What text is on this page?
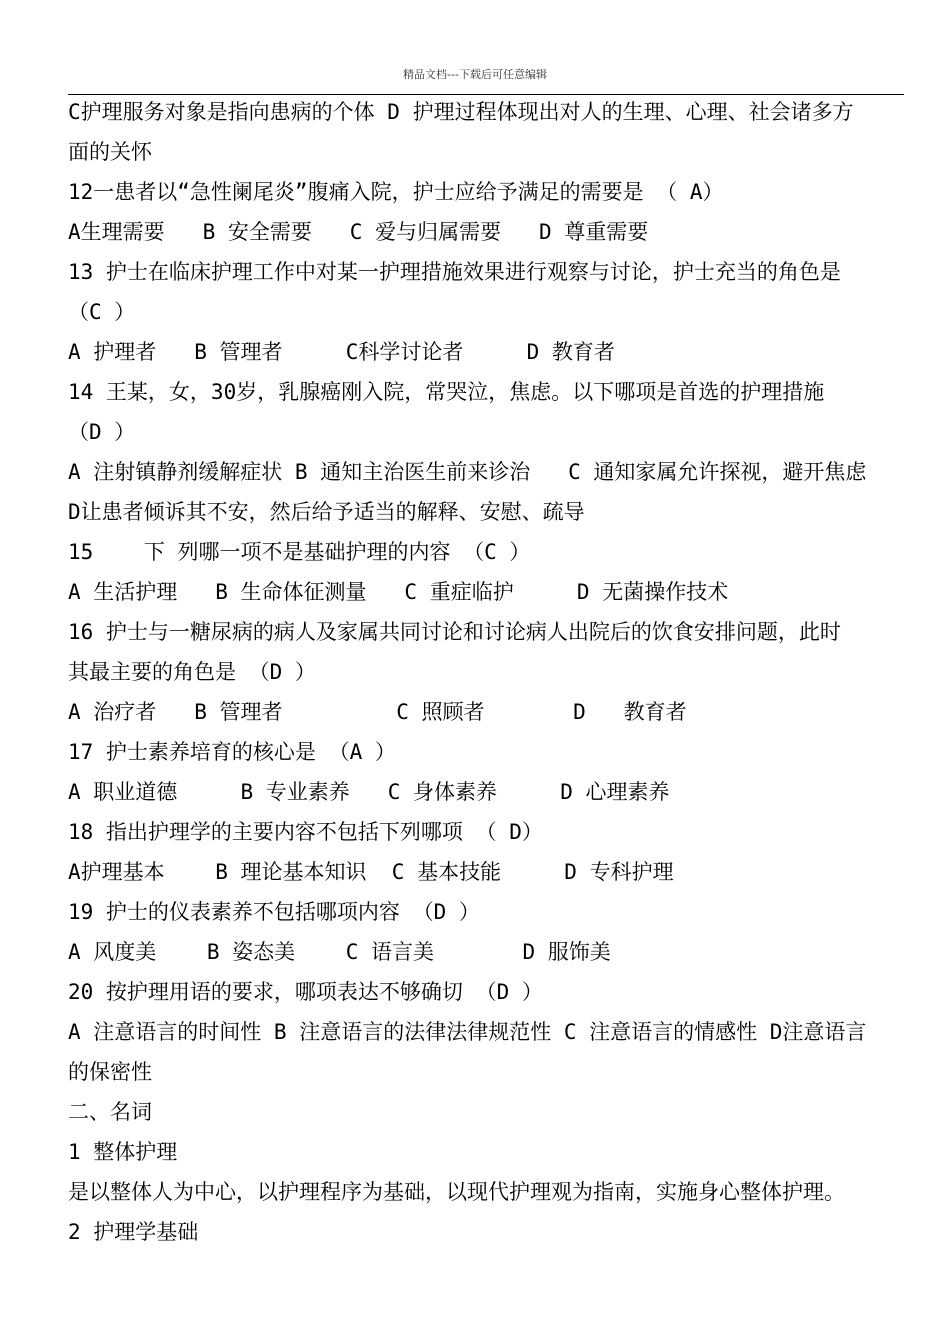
精品文档---下载后可任意编辑
C护理服务对象是指向患病的个体 D 护理过程体现出对人的生理、心理、社会诸多方
面的关怀
12一患者以“急性阑尾炎”腹痛入院，护士应给予满足的需要是 （ A）
A生理需要   B 安全需要   C 爱与归属需要   D 尊重需要
13 护士在临床护理工作中对某一护理措施效果进行观察与讨论，护士充当的角色是
（C ）
A 护理者   B 管理者     C科学讨论者     D 教育者
14 王某，女，30岁，乳腺癌刚入院，常哭泣，焦虑。以下哪项是首选的护理措施
（D ）
A 注射镇静剂缓解症状 B 通知主治医生前来诊治   C 通知家属允许探视，避开焦虑
D让患者倾诉其不安，然后给予适当的解释、安慰、疏导
15    下 列哪一项不是基础护理的内容 （C ）
A 生活护理   B 生命体征测量   C 重症临护     D 无菌操作技术
16 护士与一糖尿病的病人及家属共同讨论和讨论病人出院后的饮食安排问题，此时
其最主要的角色是 （D ）
A 治疗者   B 管理者         C 照顾者       D   教育者
17 护士素养培育的核心是 （A ）
A 职业道德     B 专业素养   C 身体素养     D 心理素养
18 指出护理学的主要内容不包括下列哪项 （ D）
A护理基本    B 理论基本知识  C 基本技能     D 专科护理
19 护士的仪表素养不包括哪项内容 （D ）
A 风度美    B 姿态美    C 语言美       D 服饰美
20 按护理用语的要求，哪项表达不够确切 （D ）
A 注意语言的时间性 B 注意语言的法律法律规范性 C 注意语言的情感性 D注意语言
的保密性
二、名词
1 整体护理
是以整体人为中心，以护理程序为基础，以现代护理观为指南，实施身心整体护理。
2 护理学基础
